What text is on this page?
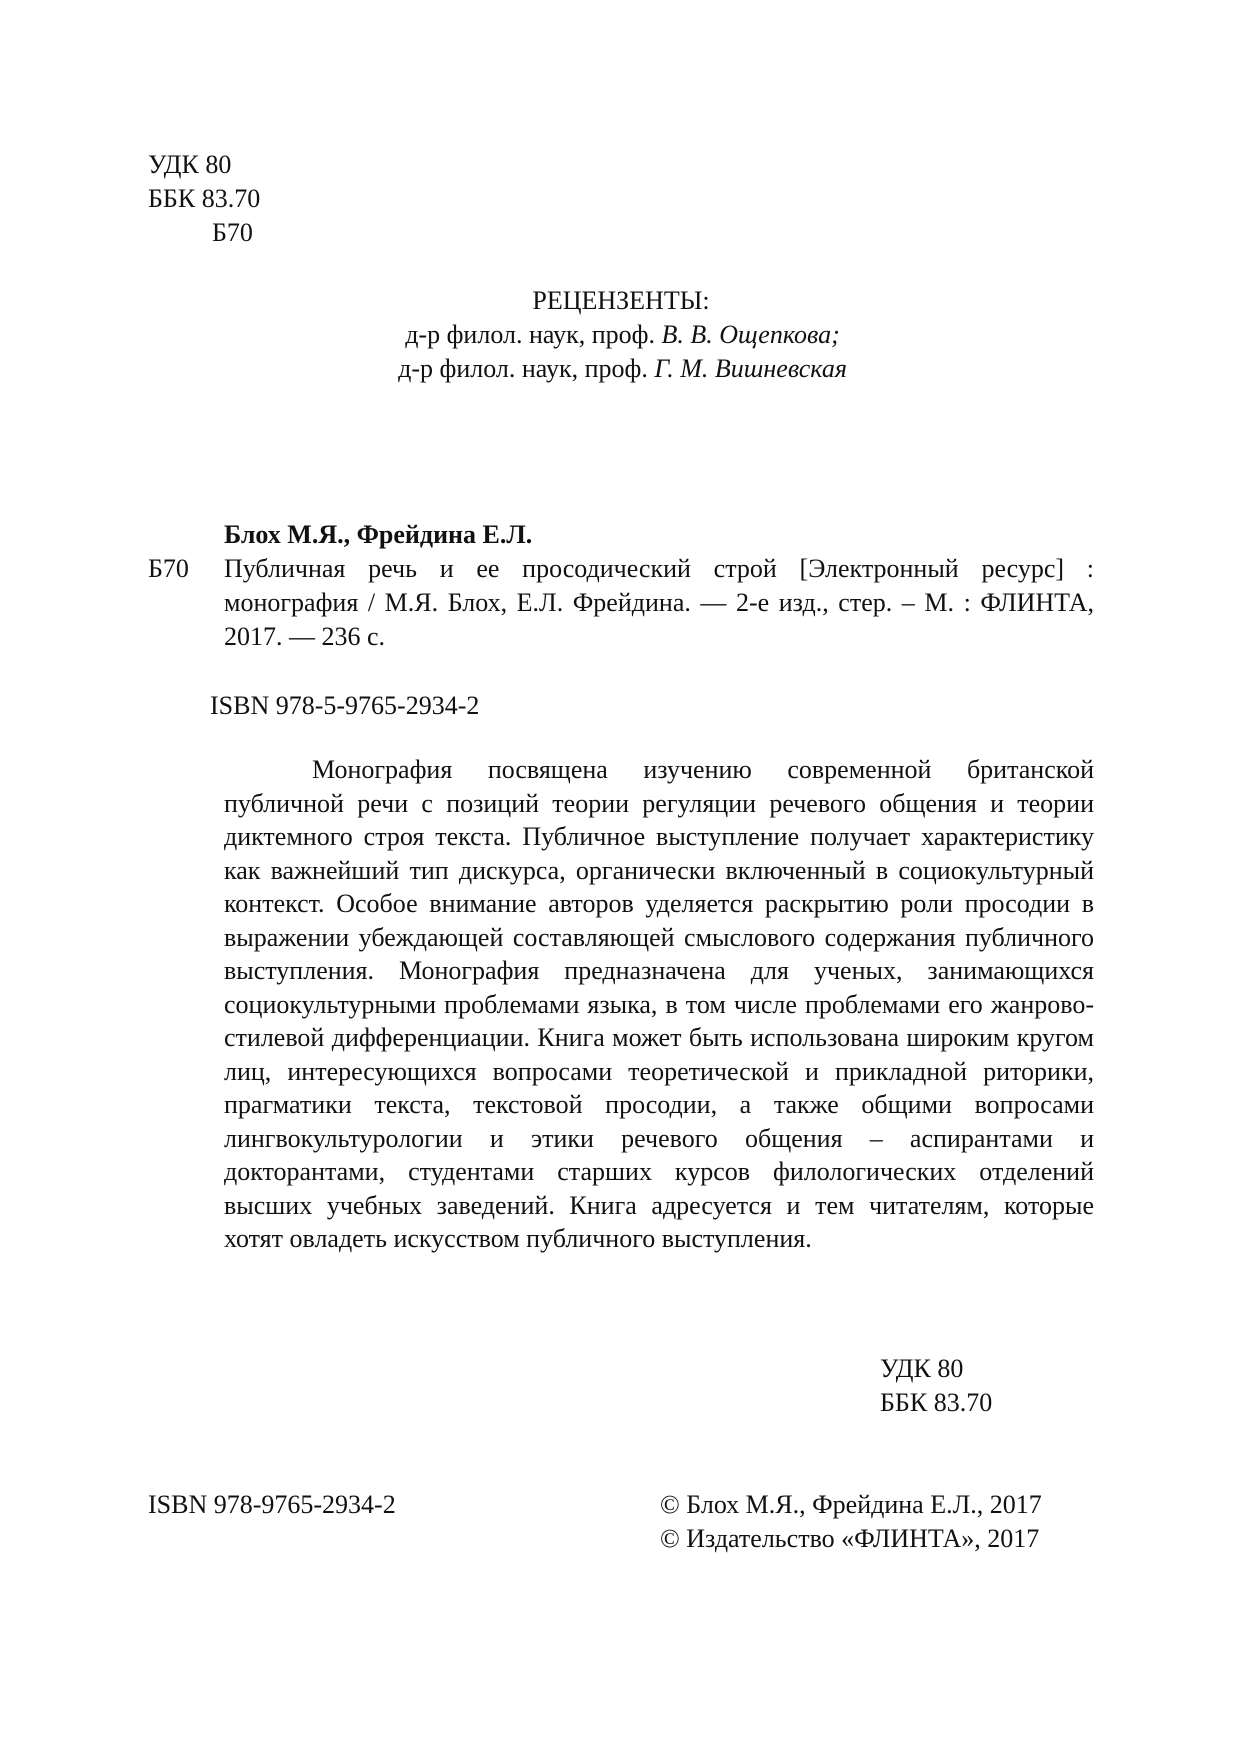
УДК 80
ББК 83.70
Б70
РЕЦЕНЗЕНТЫ:
д-р филол. наук, проф. В. В. Ощепкова;
д-р филол. наук, проф. Г. М. Вишневская
Блох М.Я., Фрейдина Е.Л.
Б70 Публичная речь и ее просодический строй [Электронный ресурс] : монография / М.Я. Блох, Е.Л. Фрейдина. — 2-е изд., стер. – М. : ФЛИНТА, 2017. — 236 с.
ISBN 978-5-9765-2934-2
Монография посвящена изучению современной британской публичной речи с позиций теории регуляции речевого общения и теории диктемного строя текста. Публичное выступление получает характеристику как важнейший тип дискурса, органически включенный в социокультурный контекст. Особое внимание авторов уделяется раскрытию роли просодии в выражении убеждающей составляющей смыслового содержания публичного выступления. Монография предназначена для ученых, занимающихся социокультурными проблемами языка, в том числе проблемами его жанрово-стилевой дифференциации. Книга может быть использована широким кругом лиц, интересующихся вопросами теоретической и прикладной риторики, прагматики текста, текстовой просодии, а также общими вопросами лингвокультурологии и этики речевого общения – аспирантами и докторантами, студентами старших курсов филологических отделений высших учебных заведений. Книга адресуется и тем читателям, которые хотят овладеть искусством публичного выступления.
УДК 80
ББК 83.70
ISBN 978-9765-2934-2	© Блох М.Я., Фрейдина Е.Л., 2017
© Издательство «ФЛИНТА», 2017
